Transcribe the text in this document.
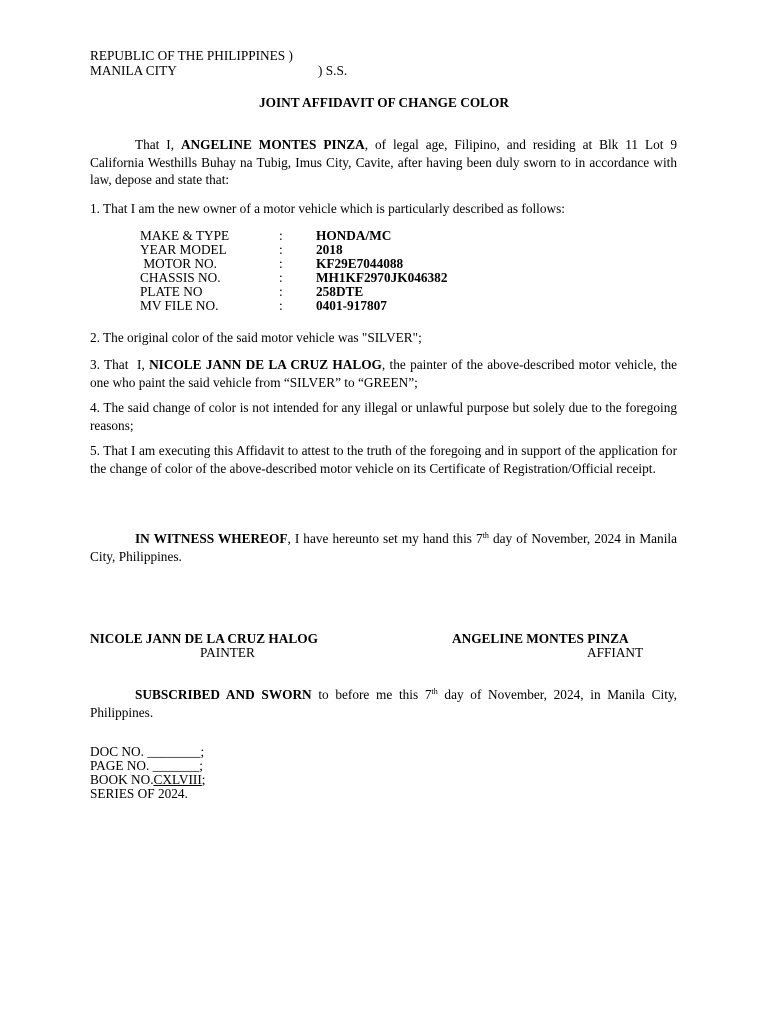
REPUBLIC OF THE PHILIPPINES )
MANILA CITY	) S.S.
JOINT AFFIDAVIT OF CHANGE COLOR
That I, ANGELINE MONTES PINZA, of legal age, Filipino, and residing at Blk 11 Lot 9 California Westhills Buhay na Tubig, Imus City, Cavite, after having been duly sworn to in accordance with law, depose and state that:
1. That I am the new owner of a motor vehicle which is particularly described as follows:
MAKE & TYPE	:	HONDA/MC
YEAR MODEL	:	2018
MOTOR NO.	:	KF29E7044088
CHASSIS NO.	:	MH1KF2970JK046382
PLATE NO	:	258DTE
MV FILE NO.	:	0401-917807
2. The original color of the said motor vehicle was "SILVER";
3. That  I, NICOLE JANN DE LA CRUZ HALOG, the painter of the above-described motor vehicle, the one who paint the said vehicle from “SILVER” to “GREEN”;
4. The said change of color is not intended for any illegal or unlawful purpose but solely due to the foregoing reasons;
5. That I am executing this Affidavit to attest to the truth of the foregoing and in support of the application for the change of color of the above-described motor vehicle on its Certificate of Registration/Official receipt.
IN WITNESS WHEREOF, I have hereunto set my hand this 7th day of November, 2024 in Manila City, Philippines.
NICOLE JANN DE LA CRUZ HALOG
PAINTER
ANGELINE MONTES PINZA
AFFIANT
SUBSCRIBED AND SWORN to before me this 7th day of November, 2024, in Manila City, Philippines.
DOC NO. ________;
PAGE NO. _______;
BOOK NO.CXLVIII;
SERIES OF 2024.
